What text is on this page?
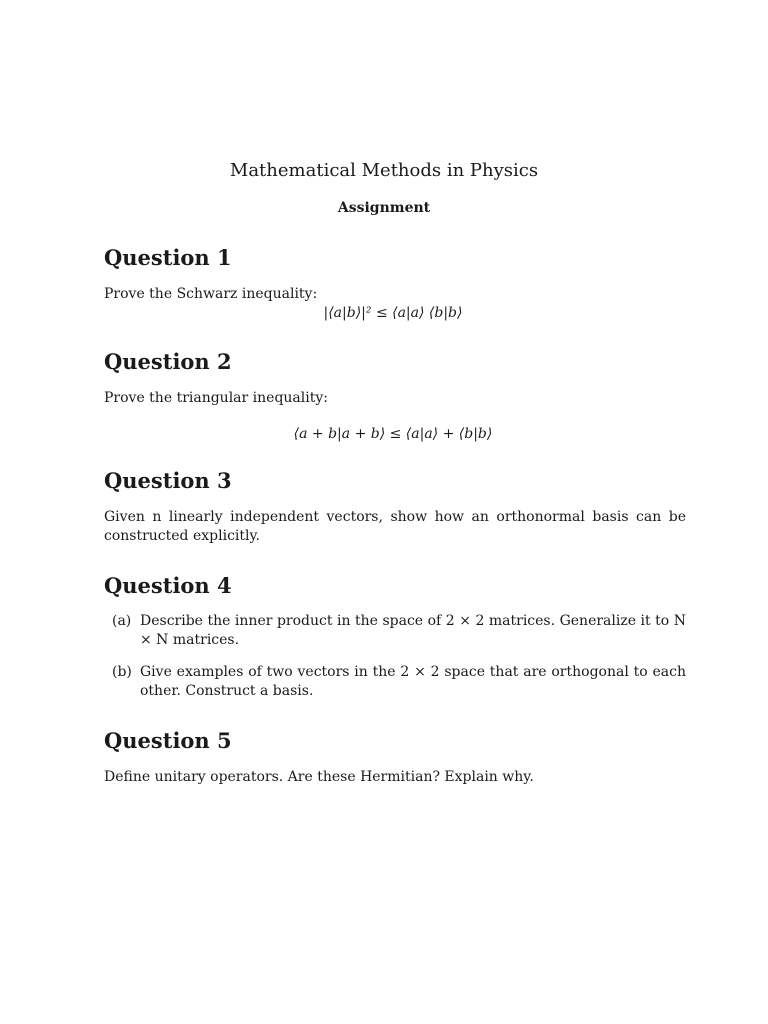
Mathematical Methods in Physics
Assignment
Question 1
Prove the Schwarz inequality:
|⟨a|b⟩|² ≤ ⟨a|a⟩ ⟨b|b⟩
Question 2
Prove the triangular inequality:
⟨a + b|a + b⟩ ≤ ⟨a|a⟩ + ⟨b|b⟩
Question 3
Given n linearly independent vectors, show how an orthonormal basis can be constructed explicitly.
Question 4
(a) Describe the inner product in the space of 2 × 2 matrices. Generalize it to N × N matrices.
(b) Give examples of two vectors in the 2 × 2 space that are orthogonal to each other. Construct a basis.
Question 5
Define unitary operators. Are these Hermitian? Explain why.
